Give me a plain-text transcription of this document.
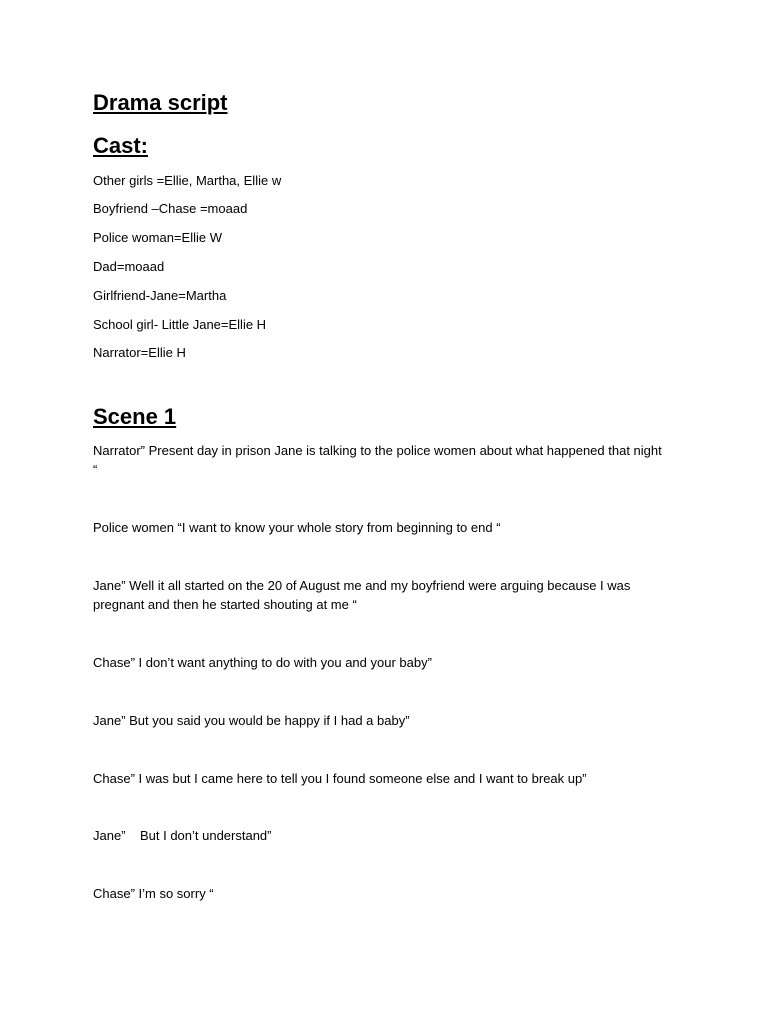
Drama script
Cast:
Other girls =Ellie, Martha, Ellie w
Boyfriend –Chase =moaad
Police woman=Ellie W
Dad=moaad
Girlfriend-Jane=Martha
School girl- Little Jane=Ellie H
Narrator=Ellie H
Scene 1
Narrator” Present day in prison Jane is talking to the police women about what happened that night “
Police women “I want to know your whole story from beginning to end “
Jane” Well it all started on the 20 of August me and my boyfriend were arguing because I was pregnant and then he started shouting at me “
Chase” I don’t want anything to do with you and your baby”
Jane” But you said you would be happy if I had a baby”
Chase” I was but I came here to tell you I found someone else and I want to break up”
Jane”    But I don’t understand”
Chase” I’m so sorry “
